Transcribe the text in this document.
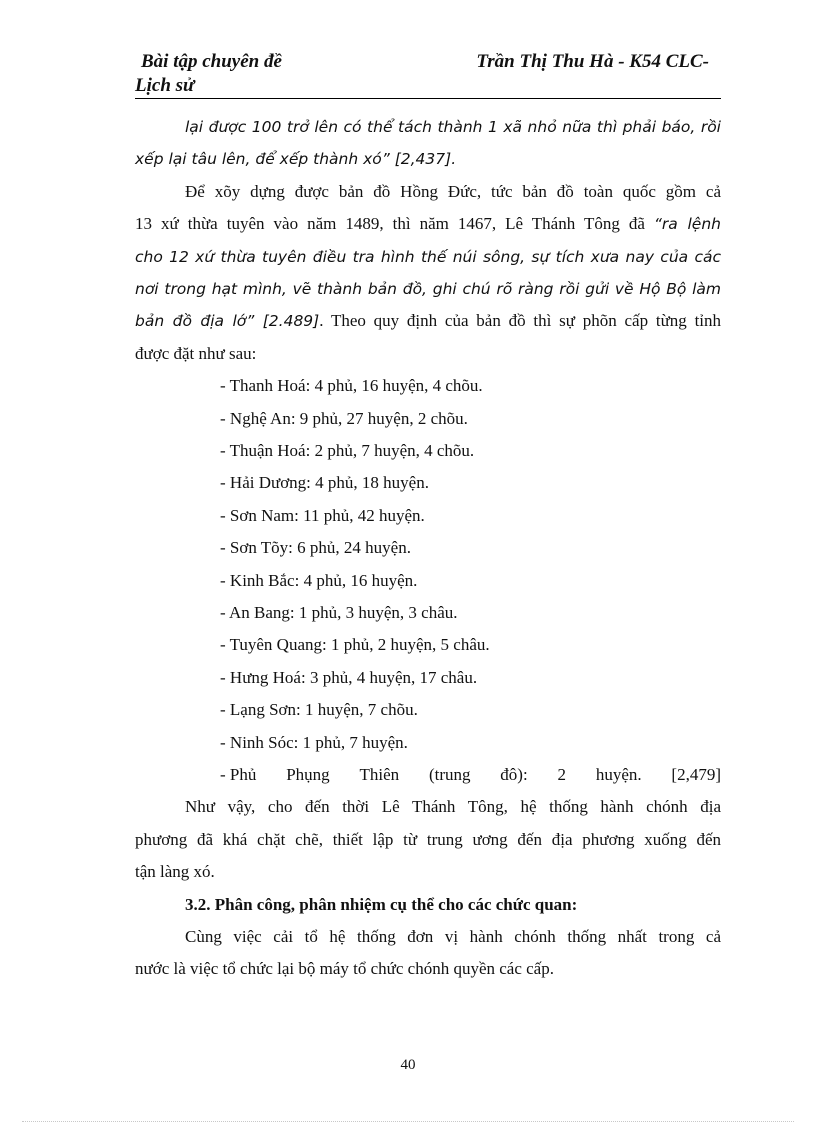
Bài tập chuyên đề
Lịch sử
Trần Thị Thu Hà - K54 CLC-

lại được 100 trở lên có thể tách thành 1 xã nhỏ nữa thì phải báo, rồi

xếp lại tâu lên, để xếp thành xó” [2,437].

Để xõy dựng được bản đồ Hồng Đức, tức bản đồ toàn quốc gồm cả

13 xứ thừa tuyên vào năm 1489, thì năm 1467, Lê Thánh Tông đã “ra lệnh

cho 12 xứ thừa tuyên điều tra hình thế núi sông, sự tích xưa nay của các

nơi trong hạt mình, vẽ thành bản đồ, ghi chú rõ ràng rồi gửi về Hộ Bộ làm

bản đồ địa lớ” [2.489]. Theo quy định của bản đồ thì sự phõn cấp từng tỉnh

được đặt như sau:

- Thanh Hoá: 4 phủ, 16 huyện, 4 chõu.
- Nghệ An: 9 phủ, 27 huyện, 2 chõu.
- Thuận Hoá: 2 phủ, 7 huyện, 4 chõu.
- Hải Dương: 4 phủ, 18 huyện.
- Sơn Nam: 11 phủ, 42 huyện.
- Sơn Tõy: 6 phủ, 24 huyện.
- Kinh Bắc: 4 phủ, 16 huyện.
- An Bang: 1 phủ, 3 huyện, 3 châu.
- Tuyên Quang: 1 phủ, 2 huyện, 5 châu.
- Hưng Hoá: 3 phủ, 4 huyện, 17 châu.
- Lạng Sơn: 1 huyện, 7 chõu.
- Ninh Sóc: 1 phủ, 7 huyện.
- Phủ Phụng Thiên (trung đô): 2 huyện. [2,479]

Như vậy, cho đến thời Lê Thánh Tông, hệ thống hành chónh địa

phương đã khá chặt chẽ, thiết lập từ trung ương đến địa phương xuống đến

tận làng xó.

3.2. Phân công, phân nhiệm cụ thể cho các chức quan:

Cùng việc cải tổ hệ thống đơn vị hành chónh thống nhất trong cả

nước là việc tổ chức lại bộ máy tổ chức chónh quyền các cấp.

40
